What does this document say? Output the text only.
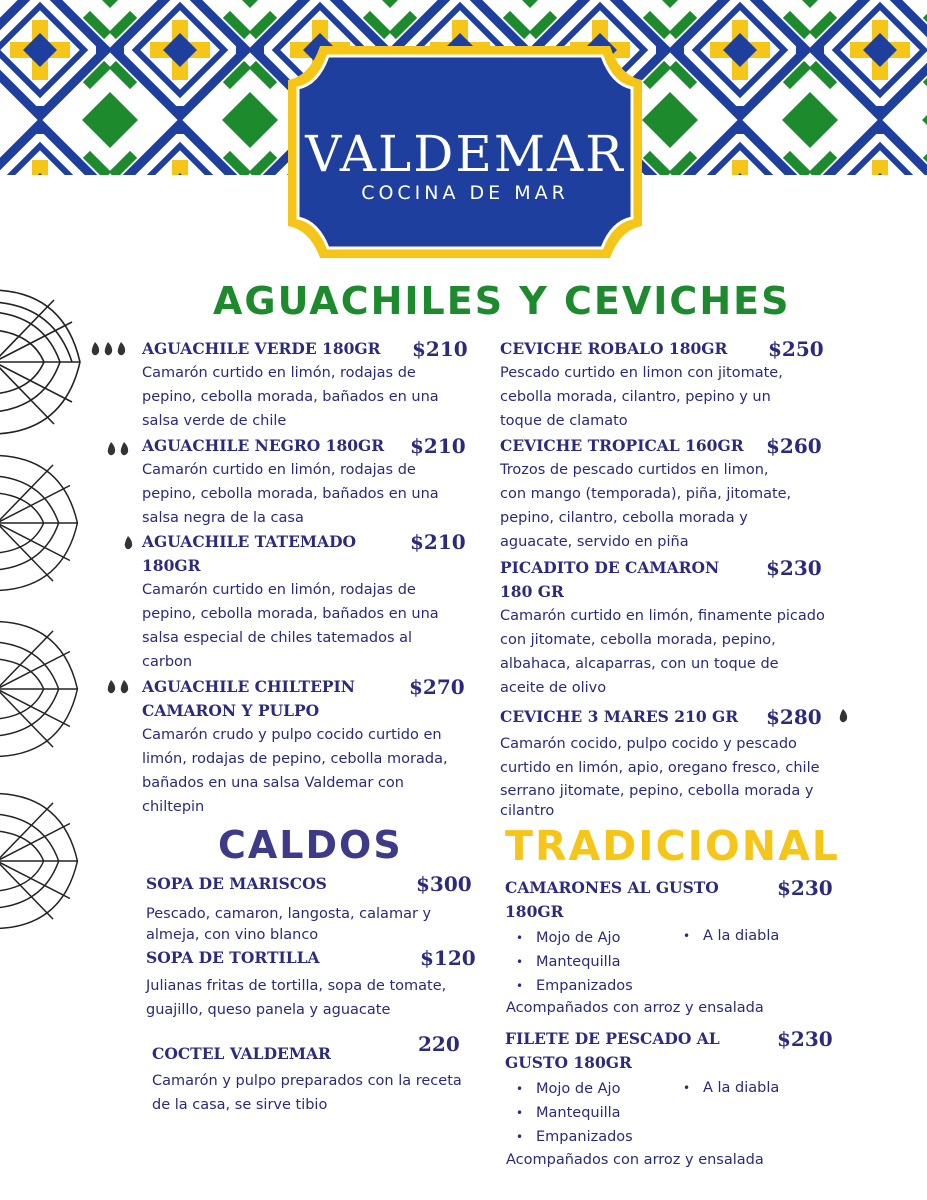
VALDEMAR
COCINA DE MAR
AGUACHILES Y CEVICHES
CALDOS TRADICIONAL
AGUACHILE VERDE 180GR $210
Camarón curtido en limón, rodajas de
pepino, cebolla morada, bañados en una
salsa verde de chile
AGUACHILE NEGRO 180GR $210
Camarón curtido en limón, rodajas de
pepino, cebolla morada, bañados en una
salsa negra de la casa
AGUACHILE TATEMADO
180GR
$210
Camarón curtido en limón, rodajas de
pepino, cebolla morada, bañados en una
salsa especial de chiles tatemados al
carbon
AGUACHILE CHILTEPIN
CAMARON Y PULPO
$270
Camarón crudo y pulpo cocido curtido en
limón, rodajas de pepino, cebolla morada,
bañados en una salsa Valdemar con
chiltepin
CEVICHE ROBALO 180GR $250
Pescado curtido en limon con jitomate,
cebolla morada, cilantro, pepino y un
toque de clamato
CEVICHE TROPICAL 160GR $260
Trozos de pescado curtidos en limon,
con mango (temporada), piña, jitomate,
pepino, cilantro, cebolla morada y
aguacate, servido en piña
PICADITO DE CAMARON
180 GR
$230
Camarón curtido en limón, finamente picado
con jitomate, cebolla morada, pepino,
albahaca, alcaparras, con un toque de
aceite de olivo
CEVICHE 3 MARES 210 GR $280
Camarón cocido, pulpo cocido y pescado
curtido en limón, apio, oregano fresco, chile
serrano jitomate, pepino, cebolla morada y
cilantro
SOPA DE MARISCOS	$300
Pescado, camaron, langosta, calamar y
almeja, con vino blanco
SOPA DE TORTILLA	$120
Julianas fritas de tortilla, sopa de tomate,
guajillo, queso panela y aguacate
COCTEL VALDEMAR	220
Camarón y pulpo preparados con la receta
de la casa, se sirve tibio
CAMARONES AL GUSTO
180GR
$230
• Mojo de Ajo
• Mantequilla
• Empanizados
• A la diabla
Acompañados con arroz y ensalada
FILETE DE PESCADO AL
GUSTO 180GR
$230
• Mojo de Ajo
• Mantequilla
• Empanizados
• A la diabla
Acompañados con arroz y ensalada
